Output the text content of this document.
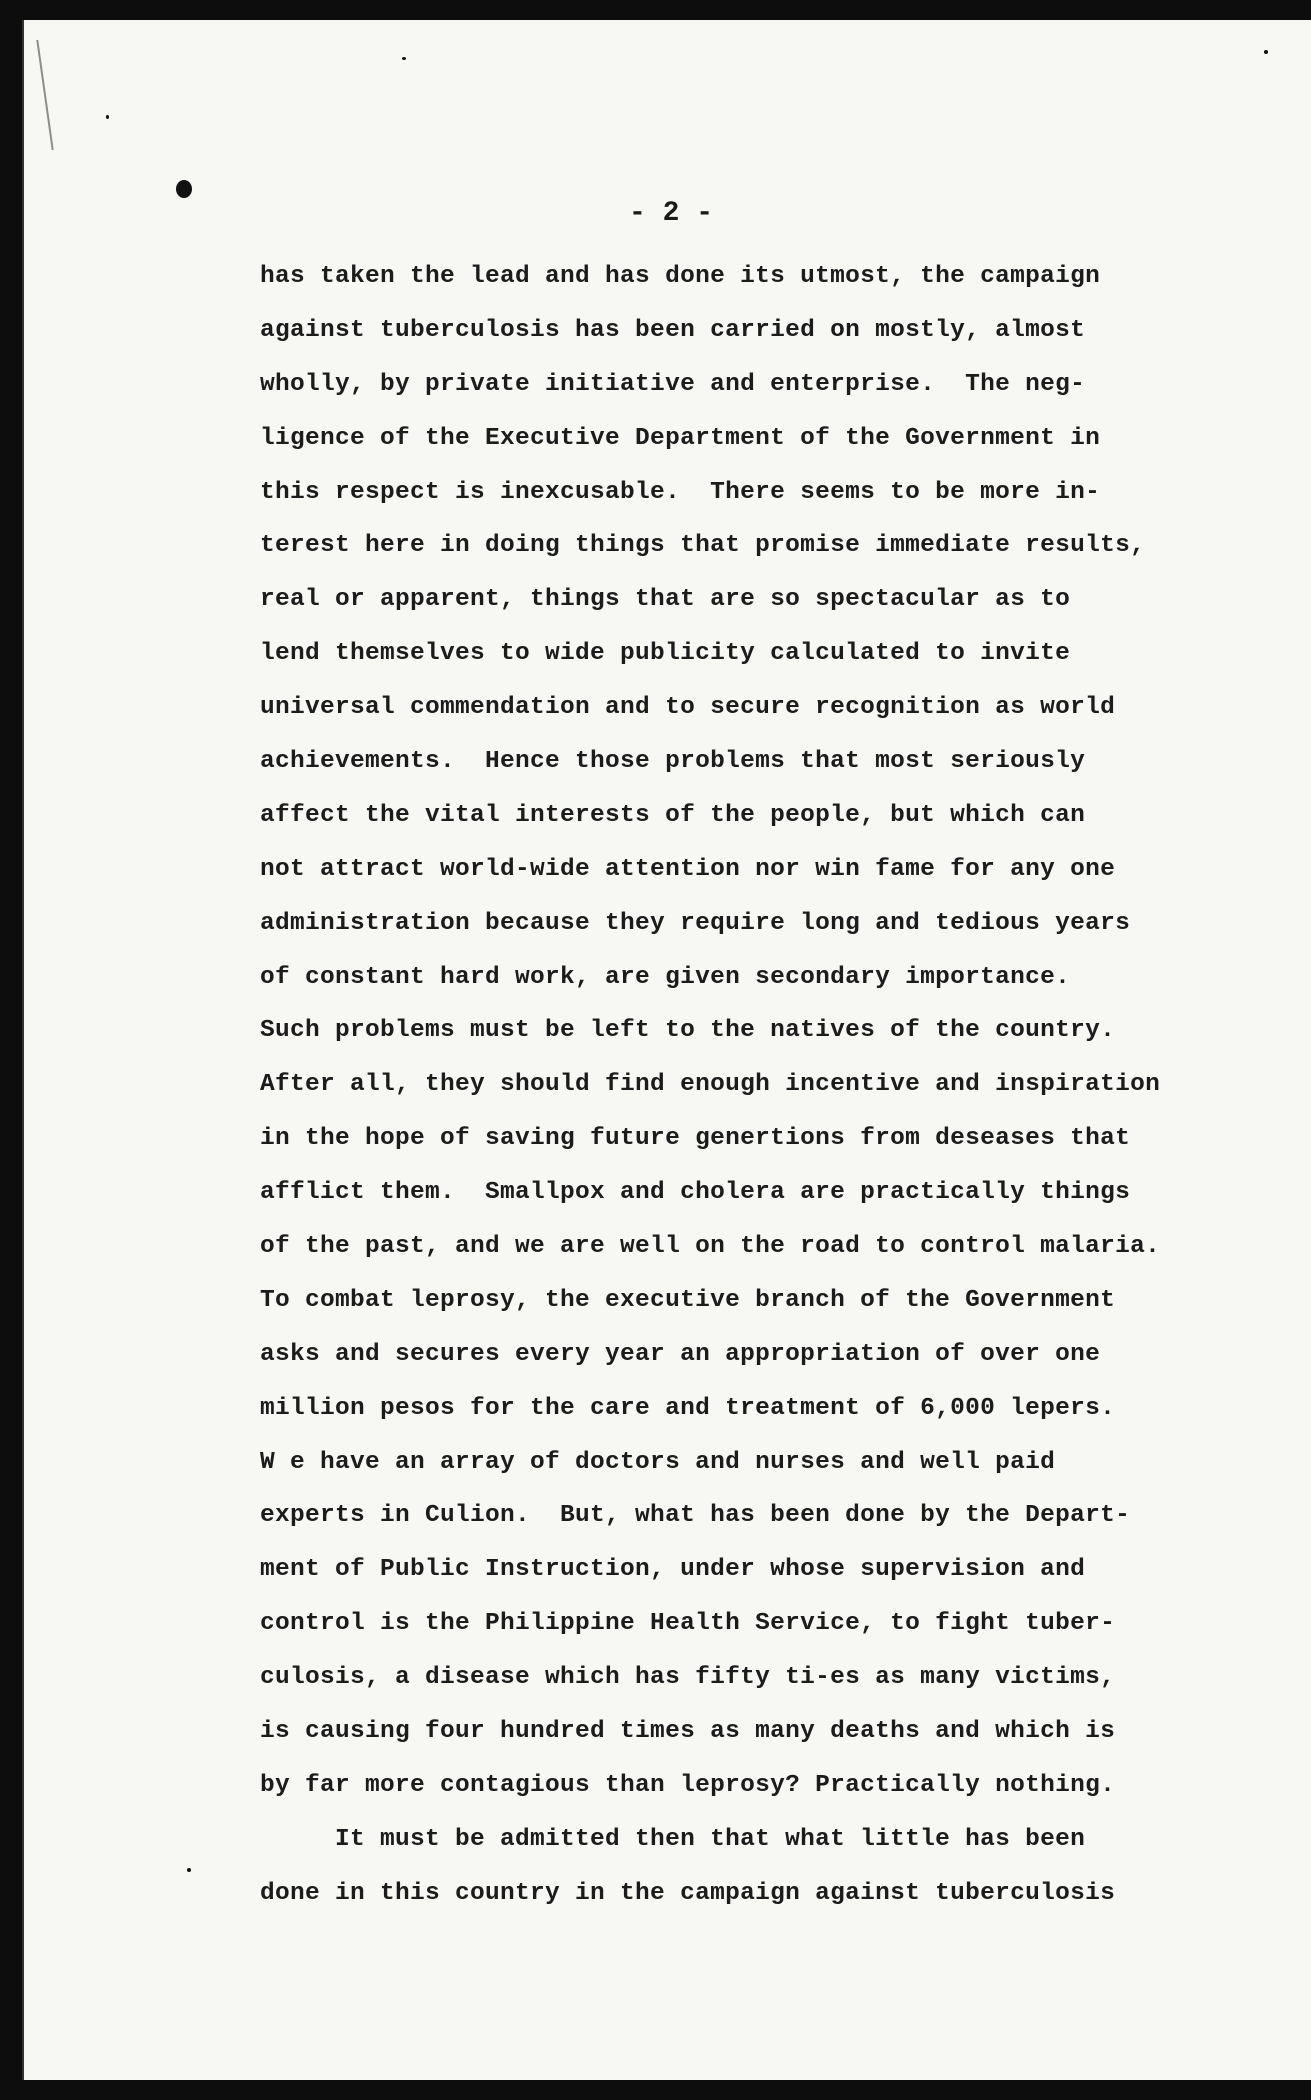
- 2 -
has taken the lead and has done its utmost, the campaign
against tuberculosis has been carried on mostly, almost
wholly, by private initiative and enterprise.  The neg-
ligence of the Executive Department of the Government in
this respect is inexcusable.  There seems to be more in-
terest here in doing things that promise immediate results,
real or apparent, things that are so spectacular as to
lend themselves to wide publicity calculated to invite
universal commendation and to secure recognition as world
achievements.  Hence those problems that most seriously
affect the vital interests of the people, but which can
not attract world-wide attention nor win fame for any one
administration because they require long and tedious years
of constant hard work, are given secondary importance.
Such problems must be left to the natives of the country.
After all, they should find enough incentive and inspiration
in the hope of saving future genertions from deseases that
afflict them.  Smallpox and cholera are practically things
of the past, and we are well on the road to control malaria.
To combat leprosy, the executive branch of the Government
asks and secures every year an appropriation of over one
million pesos for the care and treatment of 6,000 lepers.
W e have an array of doctors and nurses and well paid
experts in Culion.  But, what has been done by the Depart-
ment of Public Instruction, under whose supervision and
control is the Philippine Health Service, to fight tuber-
culosis, a disease which has fifty ti-es as many victims,
is causing four hundred times as many deaths and which is
by far more contagious than leprosy? Practically nothing.
It must be admitted then that what little has been
done in this country in the campaign against tuberculosis
